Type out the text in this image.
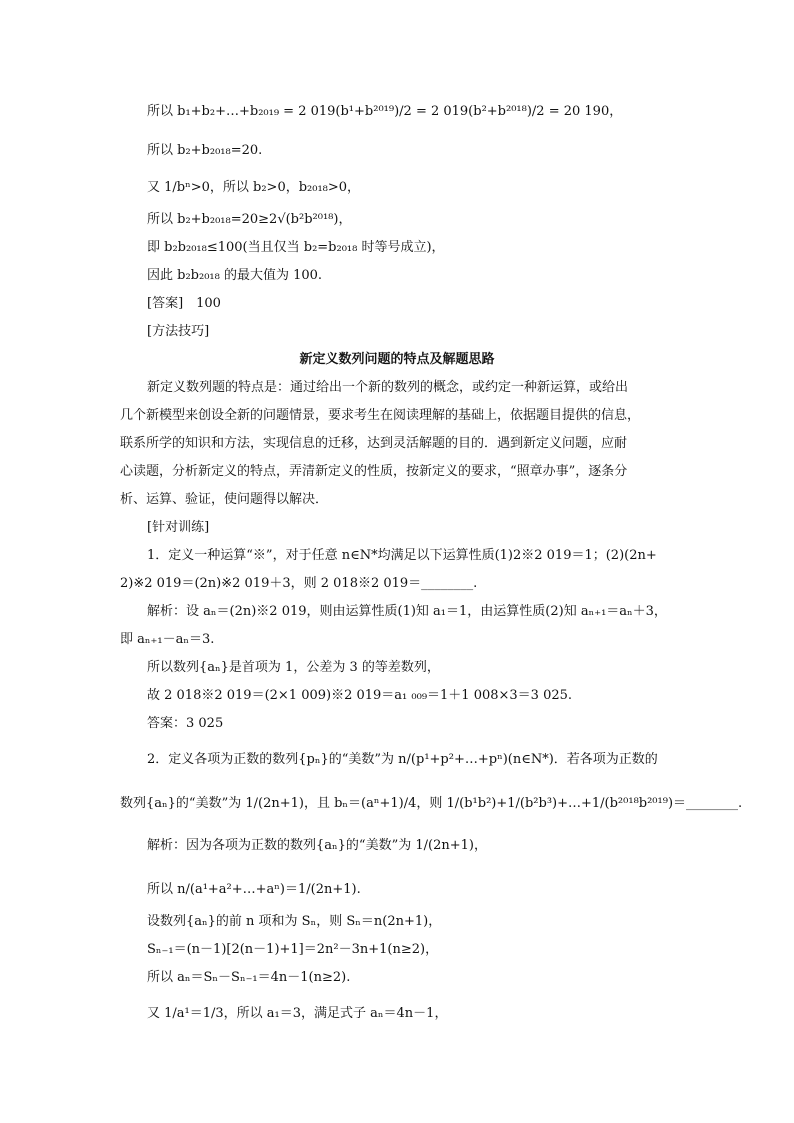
所以 b₁+b₂+…+b₂₀₁₉ = 2 019(b¹+b²⁰¹⁹)/2 = 2 019(b²+b²⁰¹⁸)/2 = 20 190，
所以 b₂+b₂₀₁₈=20.
又 1/bⁿ>0，所以 b₂>0，b₂₀₁₈>0，
所以 b₂+b₂₀₁₈=20≥2√(b²b²⁰¹⁸)，
即 b₂b₂₀₁₈≤100(当且仅当 b₂=b₂₀₁₈ 时等号成立)，
因此 b₂b₂₀₁₈ 的最大值为 100.
[答案]　100
[方法技巧]
新定义数列问题的特点及解题思路
新定义数列题的特点是：通过给出一个新的数列的概念，或约定一种新运算，或给出
几个新模型来创设全新的问题情景，要求考生在阅读理解的基础上，依据题目提供的信息，
联系所学的知识和方法，实现信息的迁移，达到灵活解题的目的．遇到新定义问题，应耐
心读题，分析新定义的特点，弄清新定义的性质，按新定义的要求，“照章办事”，逐条分
析、运算、验证，使问题得以解决．
[针对训练]
1．定义一种运算“※”，对于任意 n∈N*均满足以下运算性质(1)2※2 019＝1；(2)(2n+
2)※2 019＝(2n)※2 019＋3，则 2 018※2 019＝________.
解析：设 aₙ＝(2n)※2 019，则由运算性质(1)知 a₁＝1，由运算性质(2)知 aₙ₊₁＝aₙ＋3，
即 aₙ₊₁－aₙ＝3.
所以数列{aₙ}是首项为 1，公差为 3 的等差数列，
故 2 018※2 019＝(2×1 009)※2 019＝a₁ ₀₀₉＝1＋1 008×3＝3 025.
答案：3 025
2．定义各项为正数的数列{pₙ}的“美数”为 n/(p¹+p²+…+pⁿ)(n∈N*)．若各项为正数的
数列{aₙ}的“美数”为 1/(2n+1)，且 bₙ＝(aⁿ+1)/4，则 1/(b¹b²)+1/(b²b³)+…+1/(b²⁰¹⁸b²⁰¹⁹)＝________.
解析：因为各项为正数的数列{aₙ}的“美数”为 1/(2n+1)，
所以 n/(a¹+a²+…+aⁿ)＝1/(2n+1).
设数列{aₙ}的前 n 项和为 Sₙ，则 Sₙ＝n(2n+1)，
Sₙ₋₁＝(n－1)[2(n－1)+1]＝2n²－3n+1(n≥2)，
所以 aₙ＝Sₙ－Sₙ₋₁＝4n－1(n≥2).
又 1/a¹＝1/3，所以 a₁＝3，满足式子 aₙ＝4n－1，
